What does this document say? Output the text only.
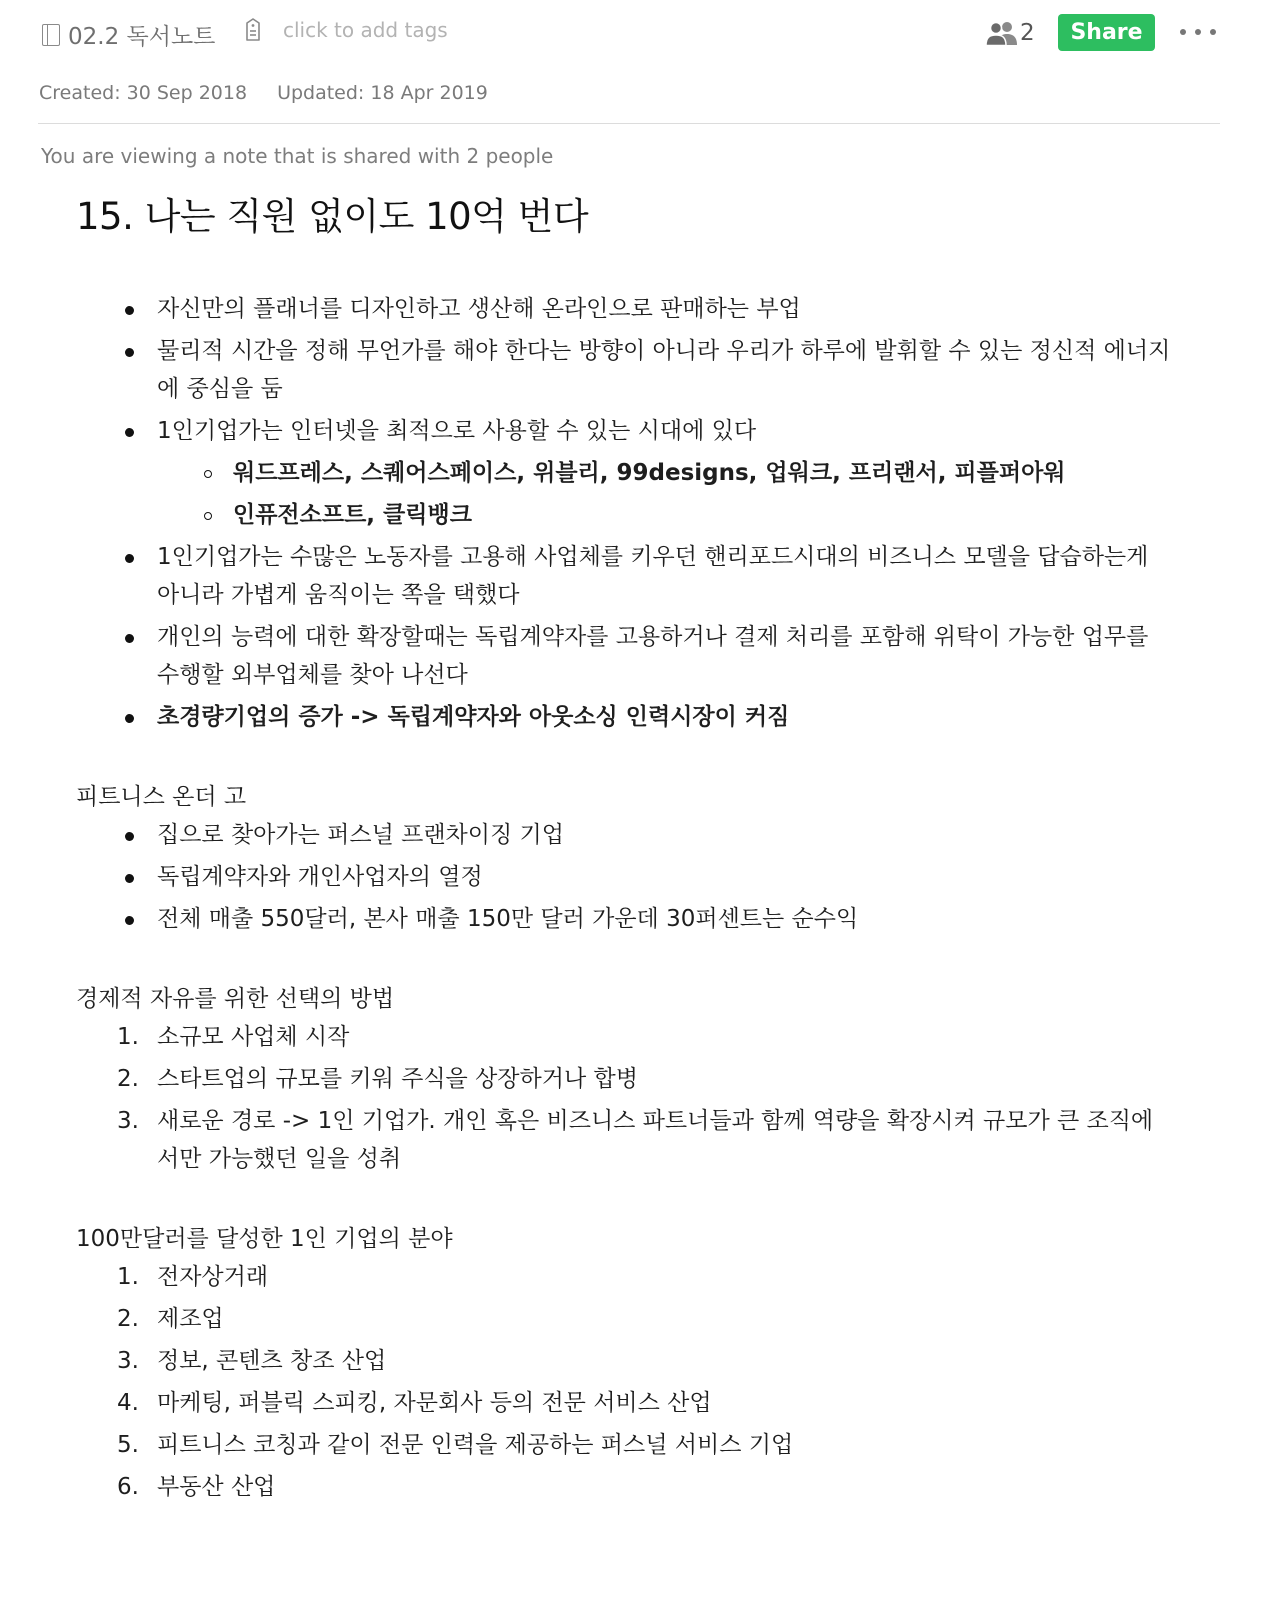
02.2 독서노트	click to add tags	2	Share
Created: 30 Sep 2018 Updated: 18 Apr 2019
You are viewing a note that is shared with 2 people
15. 나는 직원 없이도 10억 번다
자신만의 플래너를 디자인하고 생산해 온라인으로 판매하는 부업
물리적 시간을 정해 무언가를 해야 한다는 방향이 아니라 우리가 하루에 발휘할 수 있는 정신적 에너지에 중심을 둠
1인기업가는 인터넷을 최적으로 사용할 수 있는 시대에 있다
워드프레스, 스퀘어스페이스, 위블리, 99designs, 업워크, 프리랜서, 피플퍼아워
인퓨전소프트, 클릭뱅크
1인기업가는 수많은 노동자를 고용해 사업체를 키우던 핸리포드시대의 비즈니스 모델을 답습하는게 아니라 가볍게 움직이는 쪽을 택했다
개인의 능력에 대한 확장할때는 독립계약자를 고용하거나 결제 처리를 포함해 위탁이 가능한 업무를 수행할 외부업체를 찾아 나선다
초경량기업의 증가 -> 독립계약자와 아웃소싱 인력시장이 커짐
피트니스 온더 고
집으로 찾아가는 퍼스널 프랜차이징 기업
독립계약자와 개인사업자의 열정
전체 매출 550달러, 본사 매출 150만 달러 가운데 30퍼센트는 순수익
경제적 자유를 위한 선택의 방법
1. 소규모 사업체 시작
2. 스타트업의 규모를 키워 주식을 상장하거나 합병
3. 새로운 경로 -> 1인 기업가. 개인 혹은 비즈니스 파트너들과 함께 역량을 확장시켜 규모가 큰 조직에서만 가능했던 일을 성취
100만달러를 달성한 1인 기업의 분야
1. 전자상거래
2. 제조업
3. 정보, 콘텐츠 창조 산업
4. 마케팅, 퍼블릭 스피킹, 자문회사 등의 전문 서비스 산업
5. 피트니스 코칭과 같이 전문 인력을 제공하는 퍼스널 서비스 기업
6. 부동산 산업
